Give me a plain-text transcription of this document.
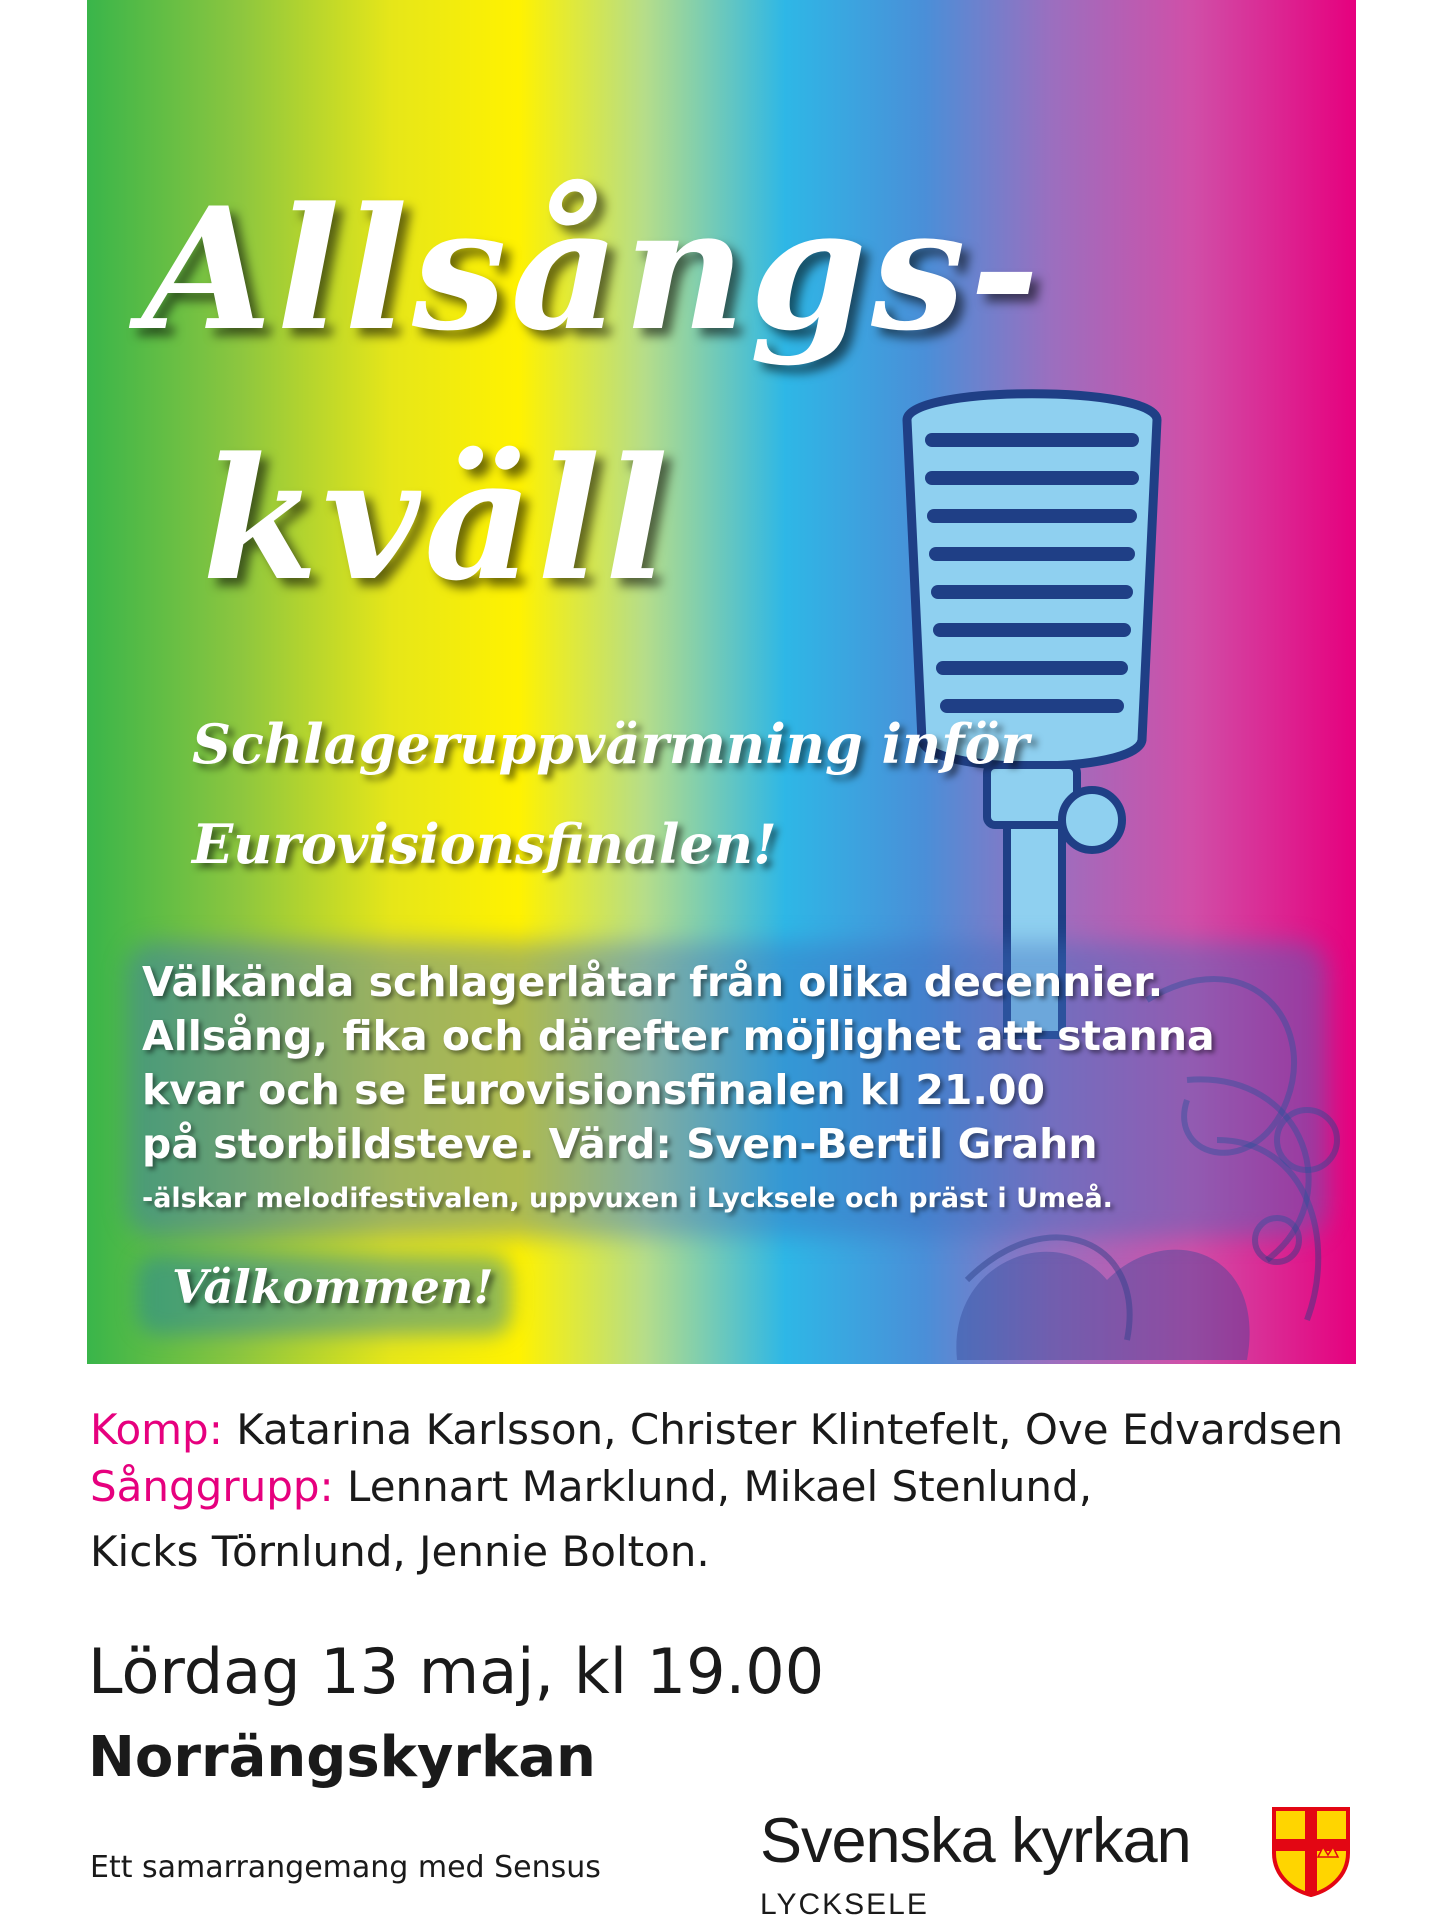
Allsångs-
kväll
Schlageruppvärmning inför
Eurovisionsfinalen!

Välkända schlagerlåtar från olika decennier.

Allsång, fika och därefter möjlighet att stanna

kvar och se Eurovisionsfinalen kl 21.00

på storbildsteve. Värd: Sven-Bertil Grahn

-älskar melodifestivalen, uppvuxen i Lycksele och präst i Umeå.

Välkommen!

Komp: Katarina Karlsson, Christer Klintefelt, Ove Edvardsen

Sånggrupp: Lennart Marklund, Mikael Stenlund,

Kicks Törnlund, Jennie Bolton.

Lördag 13 maj, kl 19.00

Norrängskyrkan

Ett samarrangemang med Sensus	Svenska kyrkan

LYCKSELE
